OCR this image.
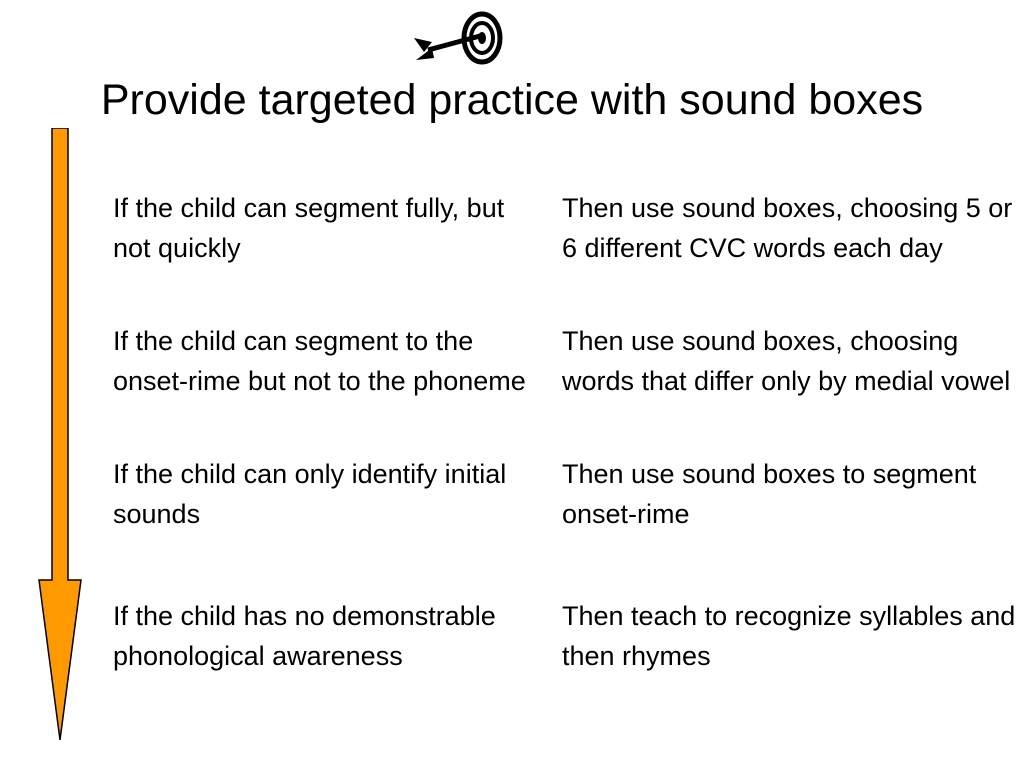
Provide targeted practice with sound boxes

If the child can segment fully, but not quickly

Then use sound boxes, choosing 5 or 6 different CVC words each day

If the child can segment to the onset-rime but not to the phoneme

Then use sound boxes, choosing words that differ only by medial vowel

If the child can only identify initial sounds

Then use sound boxes to segment onset-rime

If the child has no demonstrable phonological awareness

Then teach to recognize syllables and then rhymes
